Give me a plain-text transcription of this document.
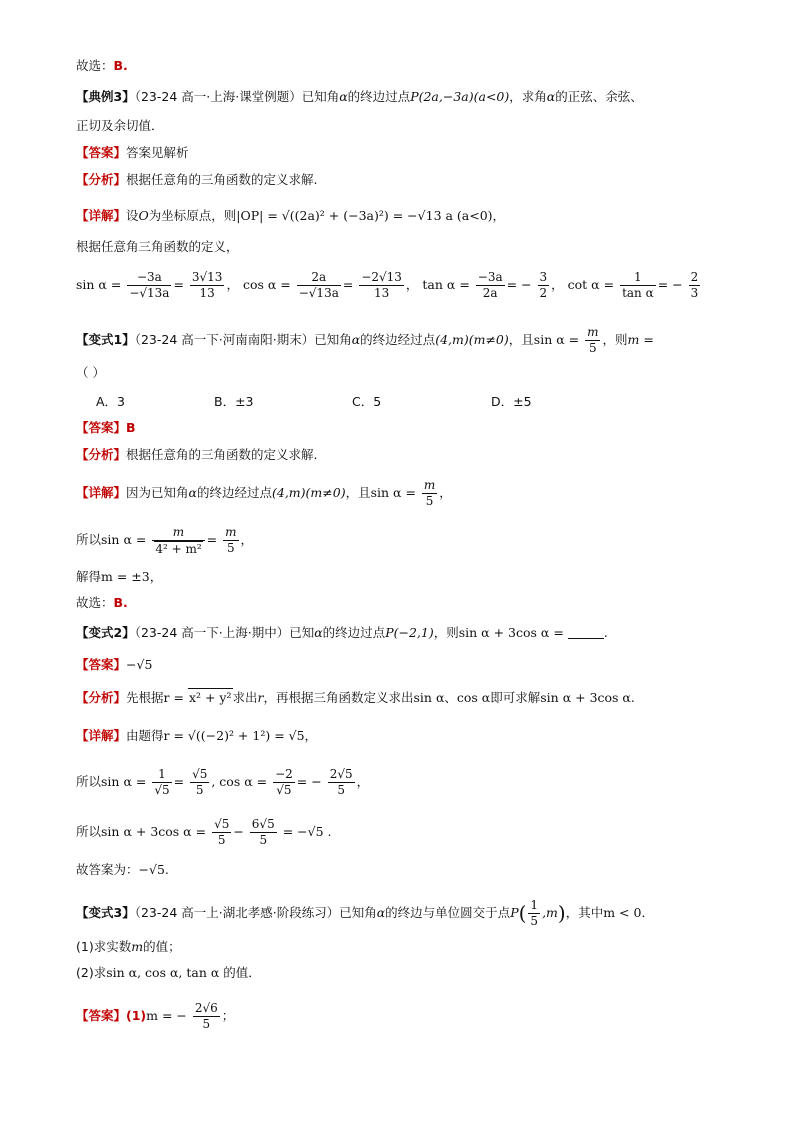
故选：B.
【典例3】（23-24 高一·上海·课堂例题）已知角α的终边过点P(2a,−3a)(a<0)，求角α的正弦、余弦、
正切及余切值．
【答案】答案见解析
【分析】根据任意角的三角函数的定义求解.
【详解】设O为坐标原点，则|OP| = √((2a)² + (−3a)²) = −√13 a (a<0)，
根据任意角三角函数的定义，
$\sin \alpha = \frac{-3a}{-√13a} = \frac{3√13}{13}$ ， $\cos \alpha = \frac{2a}{-√13a} = \frac{-2√13}{13}$ ， $\tan \alpha = \frac{-3a}{2a}$ = − $\frac{3}{2}$ ， $\cot \alpha = \frac{1}{\text{tan α}}$ = − $\frac{2}{3}$
【变式1】（23-24 高一下·河南南阳·期末）已知角α的终边经过点(4,m)(m≠0)，且$\sin \alpha = \frac{m}{5}$ ，则m =
（ ）
A．3	B．±3	C．5	D．±5
【答案】B
【分析】根据任意角的三角函数的定义求解.
【详解】因为已知角α的终边经过点(4,m)(m≠0)，且$\sin \alpha = \frac{m}{5}$ ，
所以$\sin \alpha = \frac{m}{\text{4² + m²}} = \frac{m}{5}$ ，
解得m = ±3，
故选：B.
【变式2】（23-24 高一下·上海·期中）已知α的终边过点P(−2,1)，则sin α + 3cos α =	.
【答案】−√5
【分析】先根据r = x² + y²求出r，再根据三角函数定义求出sin α、cos α即可求解sin α + 3cos α.
【详解】由题得r = √((−2)² + 1²) = √5，
所以$\sin \alpha = \frac{1}{√5} = \frac{√5}{5}$ , $\cos \alpha = \frac{-2}{√5}$ = − $\frac{2√5}{5}$ ，
所以sin α + 3cos $\alpha = \frac{√5}{5} - \frac{6√5}{5} = -√5$ .
故答案为：−√5.
【变式3】（23-24 高一上·湖北孝感·阶段练习）已知角α的终边与单位圆交于点$P( \frac{1}{5} ,m)$，其中m < 0．
(1)求实数m的值；
(2)求sin α, cos α, tan α 的值．
【答案】(1)m = − $\frac{2√6}{5}$ ；
